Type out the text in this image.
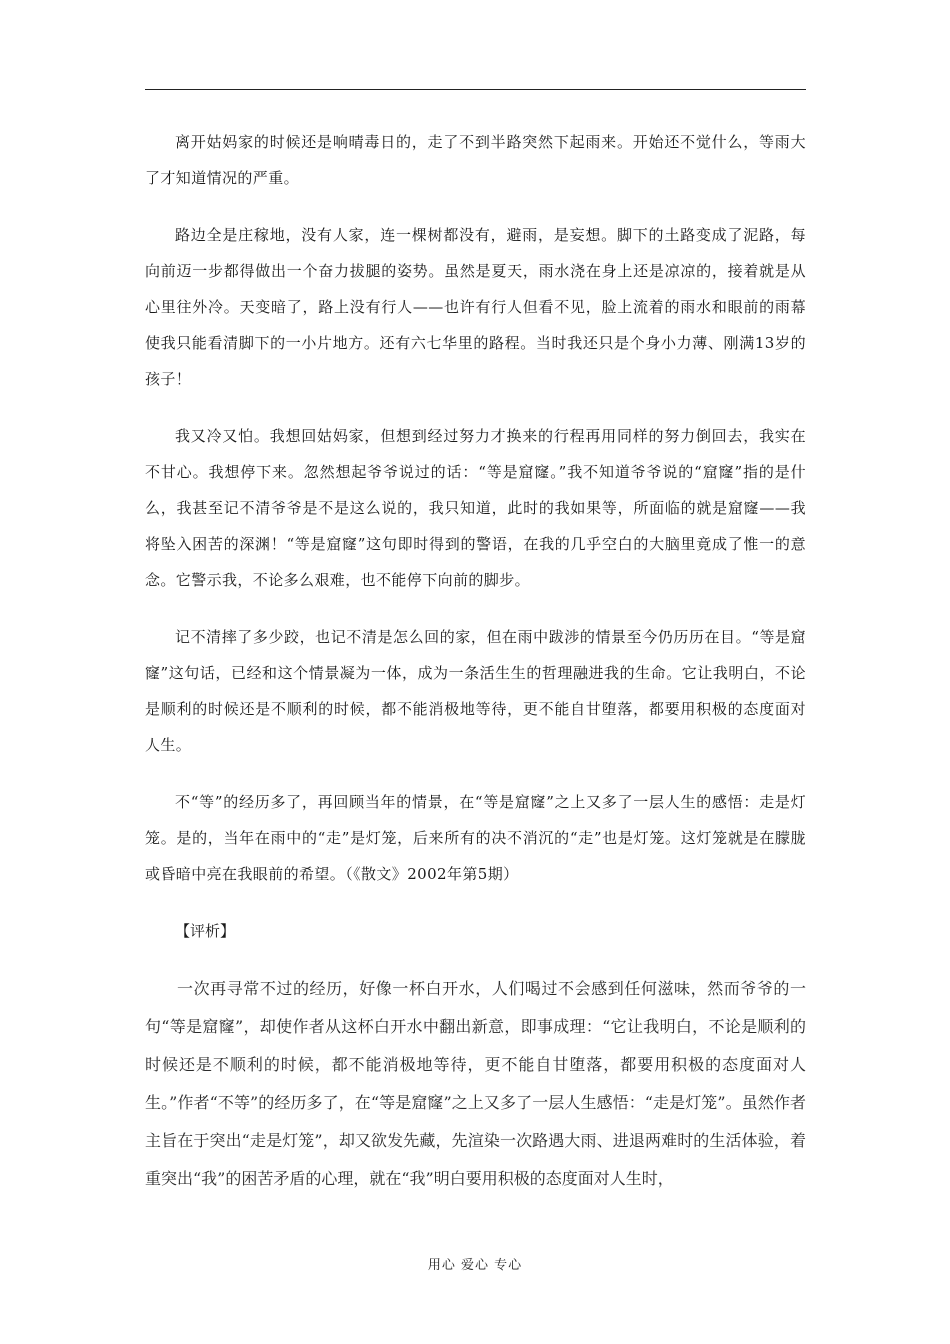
离开姑妈家的时候还是响晴毒日的，走了不到半路突然下起雨来。开始还不觉什么，等雨大了才知道情况的严重。

路边全是庄稼地，没有人家，连一棵树都没有，避雨，是妄想。脚下的土路变成了泥路，每向前迈一步都得做出一个奋力拔腿的姿势。虽然是夏天，雨水浇在身上还是凉凉的，接着就是从心里往外冷。天变暗了，路上没有行人——也许有行人但看不见，脸上流着的雨水和眼前的雨幕使我只能看清脚下的一小片地方。还有六七华里的路程。当时我还只是个身小力薄、刚满13岁的孩子！

我又冷又怕。我想回姑妈家，但想到经过努力才换来的行程再用同样的努力倒回去，我实在不甘心。我想停下来。忽然想起爷爷说过的话：“等是窟窿。”我不知道爷爷说的“窟窿”指的是什么，我甚至记不清爷爷是不是这么说的，我只知道，此时的我如果等，所面临的就是窟窿——我将坠入困苦的深渊！“等是窟窿”这句即时得到的警语，在我的几乎空白的大脑里竟成了惟一的意念。它警示我，不论多么艰难，也不能停下向前的脚步。

记不清摔了多少跤，也记不清是怎么回的家，但在雨中跋涉的情景至今仍历历在目。“等是窟窿”这句话，已经和这个情景凝为一体，成为一条活生生的哲理融进我的生命。它让我明白，不论是顺利的时候还是不顺利的时候，都不能消极地等待，更不能自甘堕落，都要用积极的态度面对人生。

不“等”的经历多了，再回顾当年的情景，在“等是窟窿”之上又多了一层人生的感悟：走是灯笼。是的，当年在雨中的“走”是灯笼，后来所有的决不消沉的“走”也是灯笼。这灯笼就是在朦胧或昏暗中亮在我眼前的希望。（《散文》2002年第5期）

【评析】

一次再寻常不过的经历，好像一杯白开水，人们喝过不会感到任何滋味，然而爷爷的一句“等是窟窿”，却使作者从这杯白开水中翻出新意，即事成理：“它让我明白，不论是顺利的时候还是不顺利的时候，都不能消极地等待，更不能自甘堕落，都要用积极的态度面对人生。”作者“不等”的经历多了，在“等是窟窿”之上又多了一层人生感悟：“走是灯笼”。虽然作者主旨在于突出“走是灯笼”，却又欲发先藏，先渲染一次路遇大雨、进退两难时的生活体验，着重突出“我”的困苦矛盾的心理，就在“我”明白要用积极的态度面对人生时，

用心 爱心 专心
